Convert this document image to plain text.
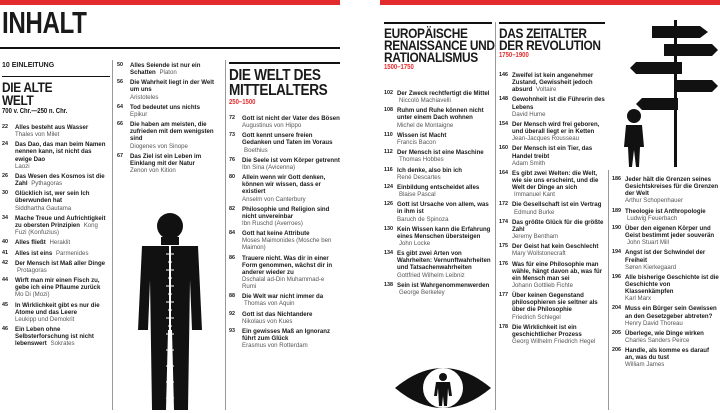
INHALT
10 EINLEITUNG
DIE ALTE
WELT
700 v. Chr.—250 n. Chr.
22 Alles besteht aus Wasser
Thales von Milet
24 Das Dao, das man beim Namen nennen kann, ist nicht das ewige Dao
Laozi
26 Das Wesen des Kosmos ist die Zahl Pythagoras
30 Glücklich ist, wer sein Ich überwunden hat
Siddhartha Gautama
34 Mache Treue und Aufrichtigkeit zu obersten Prinzipien Kong Fuzi (Konfuzius)
40 Alles fließt Heraklit
41 Alles ist eins Parmenides
42 Der Mensch ist Maß aller Dinge Protagoras
44 Wirft man mir einen Fisch zu, gebe ich eine Pflaume zurück
Mo Di (Mozi)
45 In Wirklichkeit gibt es nur die Atome und das Leere
Leukipp und Demokrit
46 Ein Leben ohne Selbsterforschung ist nicht lebenswert Sokrates
50 Alles Seiende ist nur ein Schatten Platon
56 Die Wahrheit liegt in der Welt um uns
Aristoteles
64 Tod bedeutet uns nichts
Epikur
66 Die haben am meisten, die zufrieden mit dem wenigsten sind
Diogenes von Sinope
67 Das Ziel ist ein Leben im Einklang mit der Natur
Zenon von Kition
DIE WELT DES
MITTELALTERS
250–1500
72 Gott ist nicht der Vater des Bösen
Augustinus von Hippo
73 Gott kennt unsere freien Gedanken und Taten im Voraus Boethius
76 Die Seele ist vom Körper getrennt
Ibn Sina (Avicenna)
80 Allein wenn wir Gott denken, können wir wissen, dass er existiert
Anselm von Canterbury
82 Philosophie und Religion sind nicht unvereinbar
Ibn Ruschd (Averroes)
84 Gott hat keine Attribute
Moses Maimonides (Mosche ben Maimon)
86 Trauere nicht. Was dir in einer Form genommen, wächst dir in anderer wieder zu
Dschalal ad-Din Muhammad-e Rumi
88 Die Welt war nicht immer da Thomas von Aquin
92 Gott ist das Nichtandere
Nikolaus von Kues
93 Ein gewisses Maß an Ignoranz führt zum Glück
Erasmus von Rotterdam
EUROPÄISCHE
RENAISSANCE UND
RATIONALISMUS
1500–1750
102 Der Zweck rechtfertigt die Mittel Niccolò Machiavelli
108 Ruhm und Ruhe können nicht unter einem Dach wohnen
Michel de Montaigne
110 Wissen ist Macht
Francis Bacon
112 Der Mensch ist eine Maschine Thomas Hobbes
116 Ich denke, also bin ich
René Descartes
124 Einbildung entscheidet alles Blaise Pascal
126 Gott ist Ursache von allem, was in ihm ist
Baruch de Spinoza
130 Kein Wissen kann die Erfahrung eines Menschen übersteigen John Locke
134 Es gibt zwei Arten von Wahrheiten: Vernunftwahrheiten und Tatsachenwahrheiten
Gottfried Wilhelm Leibniz
138 Sein ist Wahrgenommenwerden George Berkeley
DAS ZEITALTER
DER REVOLUTION
1750–1900
146 Zweifel ist kein angenehmer Zustand, Gewissheit jedoch absurd Voltaire
148 Gewohnheit ist die Führerin des Lebens
David Hume
154 Der Mensch wird frei geboren, und überall liegt er in Ketten
Jean-Jacques Rousseau
160 Der Mensch ist ein Tier, das Handel treibt
Adam Smith
164 Es gibt zwei Welten: die Welt, wie sie uns erscheint, und die Welt der Dinge an sich Immanuel Kant
172 Die Gesellschaft ist ein Vertrag Edmund Burke
174 Das größte Glück für die größte Zahl
Jeremy Bentham
175 Der Geist hat kein Geschlecht
Mary Wollstonecraft
176 Was für eine Philosophie man wähle, hängt davon ab, was für ein Mensch man sei
Johann Gottlieb Fichte
177 Über keinen Gegenstand philosophieren sie seltner als über die Philosophie
Friedrich Schlegel
178 Die Wirklichkeit ist ein geschichtlicher Prozess
Georg Wilhelm Friedrich Hegel
186 Jeder hält die Grenzen seines Gesichtskreises für die Grenzen der Welt
Arthur Schopenhauer
189 Theologie ist Anthropologie Ludwig Feuerbach
190 Über den eigenen Körper und Geist bestimmt jeder souverän John Stuart Mill
194 Angst ist der Schwindel der Freiheit
Søren Kierkegaard
196 Alle bisherige Geschichte ist die Geschichte von Klassenkämpfen
Karl Marx
204 Muss ein Bürger sein Gewissen an den Gesetzgeber abtreten?
Henry David Thoreau
205 Überlege, wie Dinge wirken
Charles Sanders Peirce
206 Handle, als komme es darauf an, was du tust
William James
